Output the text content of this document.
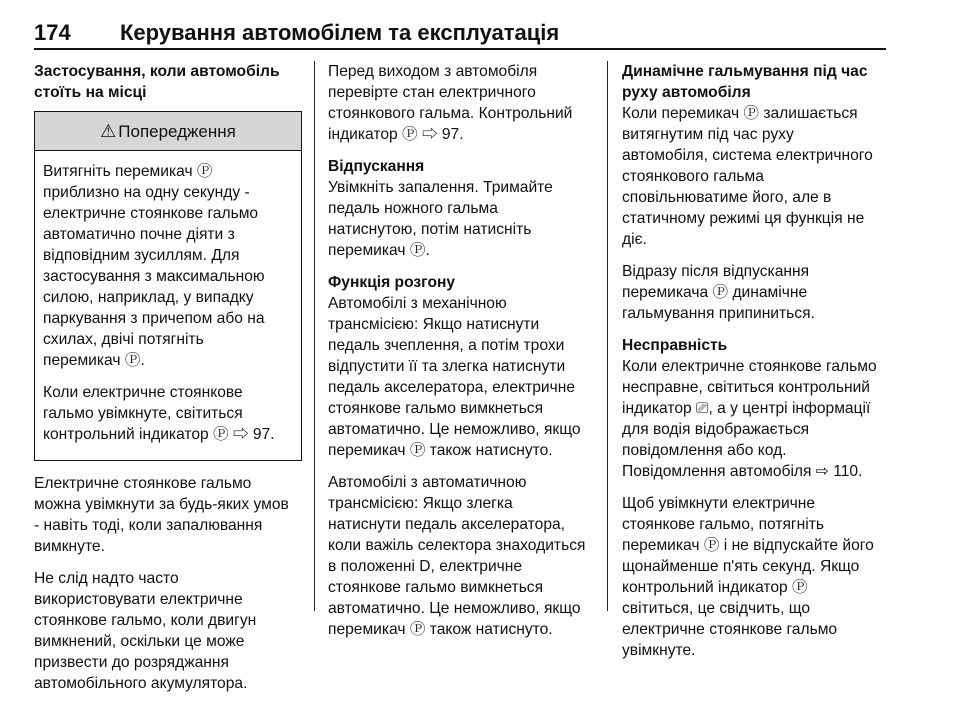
174 Керування автомобілем та експлуатація

Застосування, коли автомобіль
стоїть на місці

⚠ Попередження

Витягніть перемикач Ⓟ
приблизно на одну секунду -
електричне стоянкове гальмо
автоматично почне діяти з
відповідним зусиллям. Для
застосування з максимальною
силою, наприклад, у випадку
паркування з причепом або на
схилах, двічі потягніть
перемикач Ⓟ.

Коли електричне стоянкове
гальмо увімкнуте, світиться
контрольний індикатор Ⓟ ⇨ 97.

Електричне стоянкове гальмо
можна увімкнути за будь-яких умов
- навіть тоді, коли запалювання
вимкнуте.

Не слід надто часто
використовувати електричне
стоянкове гальмо, коли двигун
вимкнений, оскільки це може
призвести до розряджання
автомобільного акумулятора.

Перед виходом з автомобіля
перевірте стан електричного
стоянкового гальма. Контрольний
індикатор Ⓟ ⇨ 97.

Відпускання

Увімкніть запалення. Тримайте
педаль ножного гальма
натиснутою, потім натисніть
перемикач Ⓟ.

Функція розгону

Автомобілі з механічною
трансмісією: Якщо натиснути
педаль зчеплення, а потім трохи
відпустити її та злегка натиснути
педаль акселератора, електричне
стоянкове гальмо вимкнеться
автоматично. Це неможливо, якщо
перемикач Ⓟ також натиснуто.

Автомобілі з автоматичною
трансмісією: Якщо злегка
натиснути педаль акселератора,
коли важіль селектора знаходиться
в положенні D, електричне
стоянкове гальмо вимкнеться
автоматично. Це неможливо, якщо
перемикач Ⓟ також натиснуто.

Динамічне гальмування під час
руху автомобіля

Коли перемикач Ⓟ залишається
витягнутим під час руху
автомобіля, система електричного
стоянкового гальма
сповільнюватиме його, але в
статичному режимі ця функція не
діє.

Відразу після відпускання
перемикача Ⓟ динамічне
гальмування припиниться.

Несправність

Коли електричне стоянкове гальмо
несправне, світиться контрольний
індикатор ⎚, а у центрі інформації
для водія відображається
повідомлення або код.
Повідомлення автомобіля ⇨ 110.

Щоб увімкнути електричне
стоянкове гальмо, потягніть
перемикач Ⓟ і не відпускайте його
щонайменше п'ять секунд. Якщо
контрольний індикатор Ⓟ
світиться, це свідчить, що
електричне стоянкове гальмо
увімкнуте.
